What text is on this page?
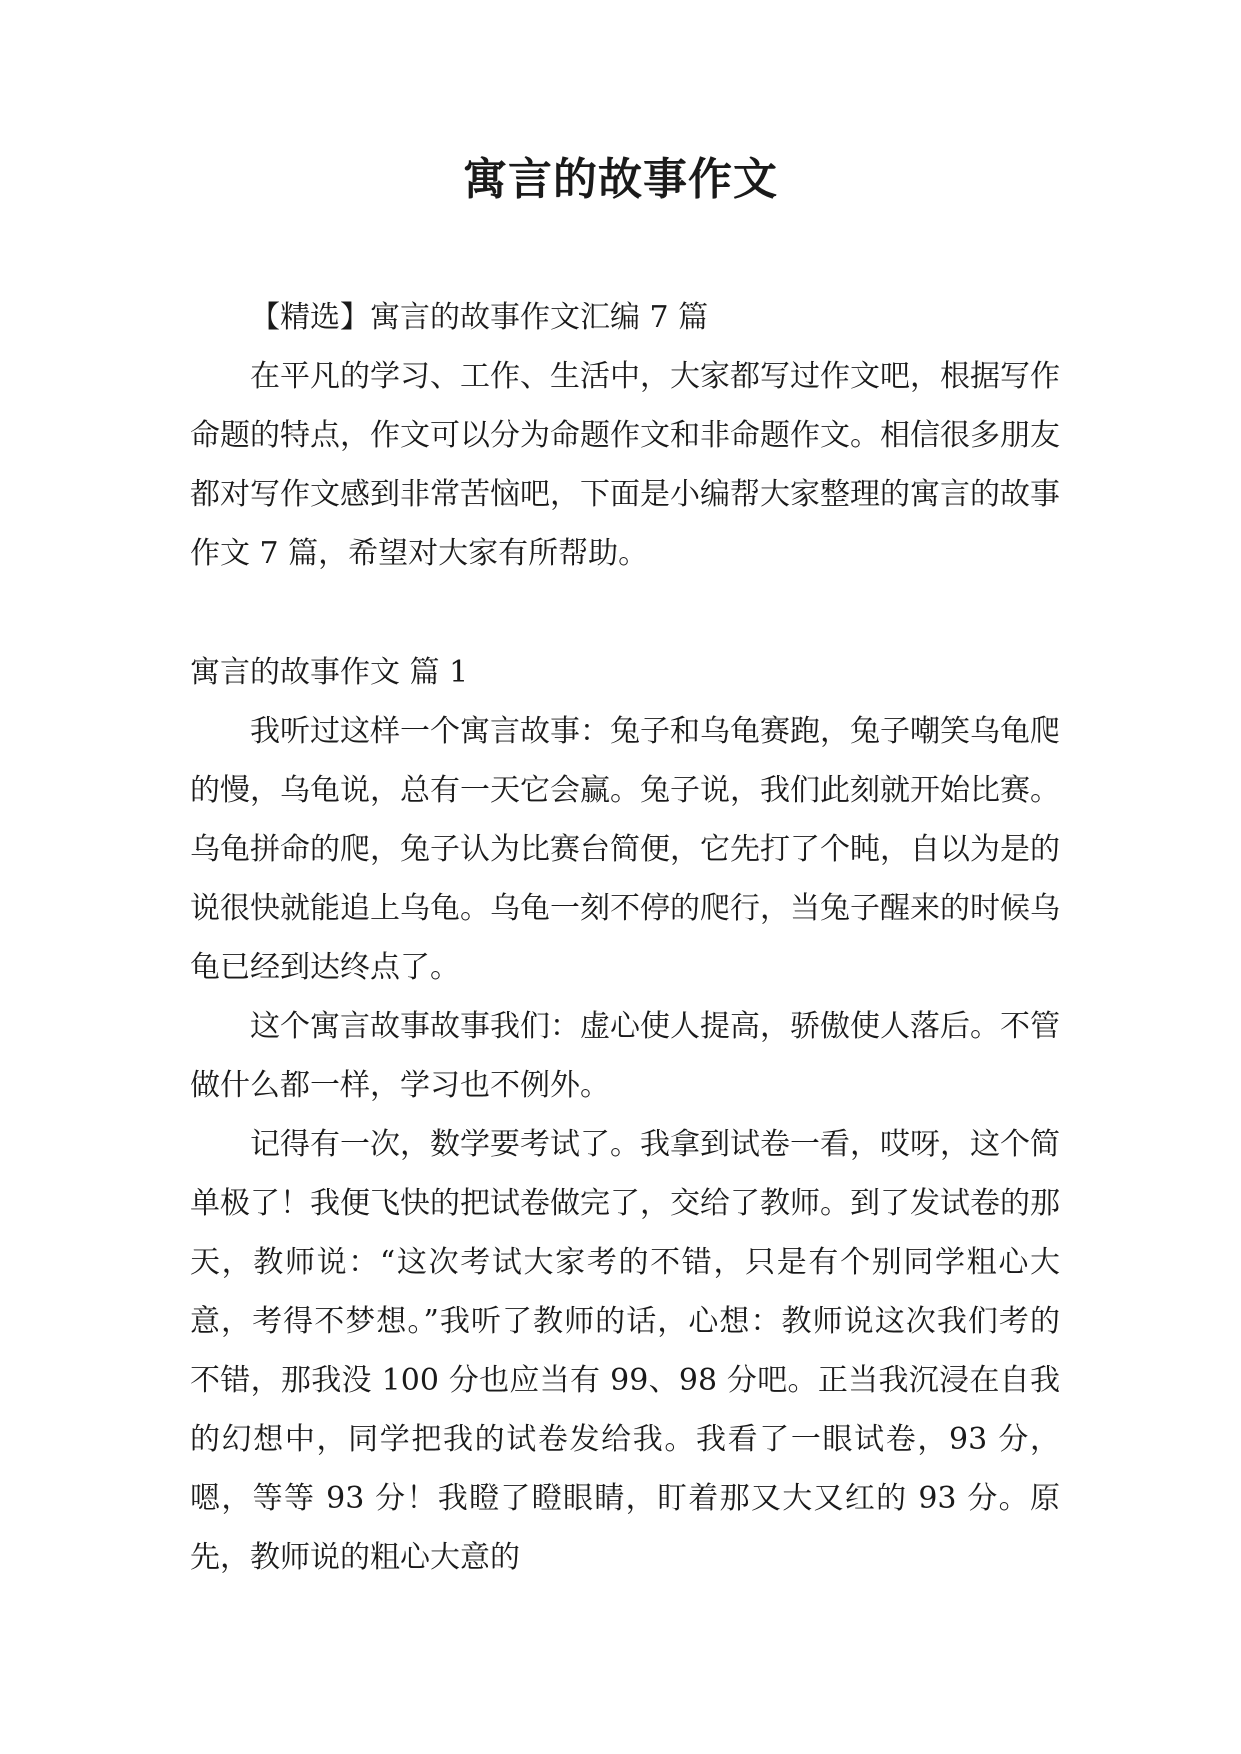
寓言的故事作文

【精选】寓言的故事作文汇编 7 篇

在平凡的学习、工作、生活中，大家都写过作文吧，根据写作命题的特点，作文可以分为命题作文和非命题作文。相信很多朋友都对写作文感到非常苦恼吧，下面是小编帮大家整理的寓言的故事作文 7 篇，希望对大家有所帮助。

寓言的故事作文 篇 1

我听过这样一个寓言故事：兔子和乌龟赛跑，兔子嘲笑乌龟爬的慢，乌龟说，总有一天它会赢。兔子说，我们此刻就开始比赛。乌龟拼命的爬，兔子认为比赛台简便，它先打了个盹，自以为是的说很快就能追上乌龟。乌龟一刻不停的爬行，当兔子醒来的时候乌龟已经到达终点了。

这个寓言故事故事我们：虚心使人提高，骄傲使人落后。不管做什么都一样，学习也不例外。

记得有一次，数学要考试了。我拿到试卷一看，哎呀，这个简单极了！我便飞快的把试卷做完了，交给了教师。到了发试卷的那天，教师说：“这次考试大家考的不错，只是有个别同学粗心大意，考得不梦想。”我听了教师的话，心想：教师说这次我们考的不错，那我没 100 分也应当有 99、98 分吧。正当我沉浸在自我的幻想中，同学把我的试卷发给我。我看了一眼试卷，93 分，嗯，等等 93 分！我瞪了瞪眼睛，盯着那又大又红的 93 分。原先，教师说的粗心大意的
